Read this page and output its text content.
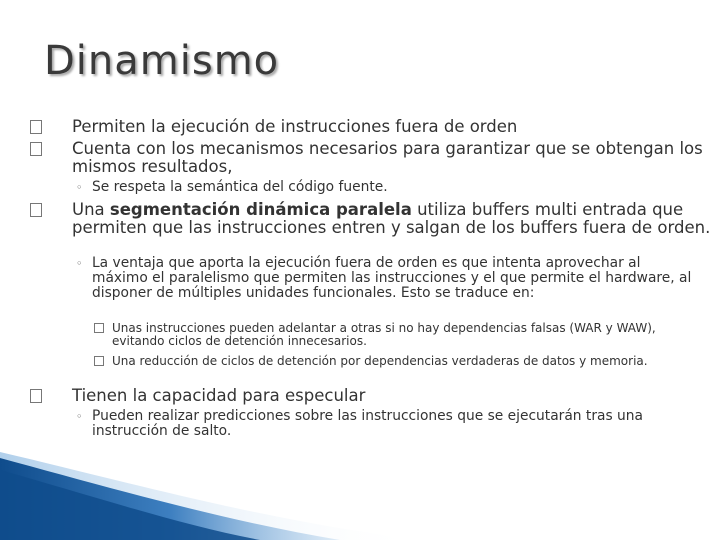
Dinamismo
Permiten la ejecución de instrucciones fuera de orden
Cuenta con los mecanismos necesarios para garantizar que se obtengan los mismos resultados,
◦ Se respeta la semántica del código fuente.
Una segmentación dinámica paralela utiliza buffers multi entrada que permiten que las instrucciones entren y salgan de los buffers fuera de orden.
◦ La ventaja que aporta la ejecución fuera de orden es que intenta aprovechar al máximo el paralelismo que permiten las instrucciones y el que permite el hardware, al disponer de múltiples unidades funcionales. Esto se traduce en:
Unas instrucciones pueden adelantar a otras si no hay dependencias falsas (WAR y WAW), evitando ciclos de detención innecesarios.
Una reducción de ciclos de detención por dependencias verdaderas de datos y memoria.
Tienen la capacidad para especular
◦ Pueden realizar predicciones sobre las instrucciones que se ejecutarán tras una instrucción de salto.
